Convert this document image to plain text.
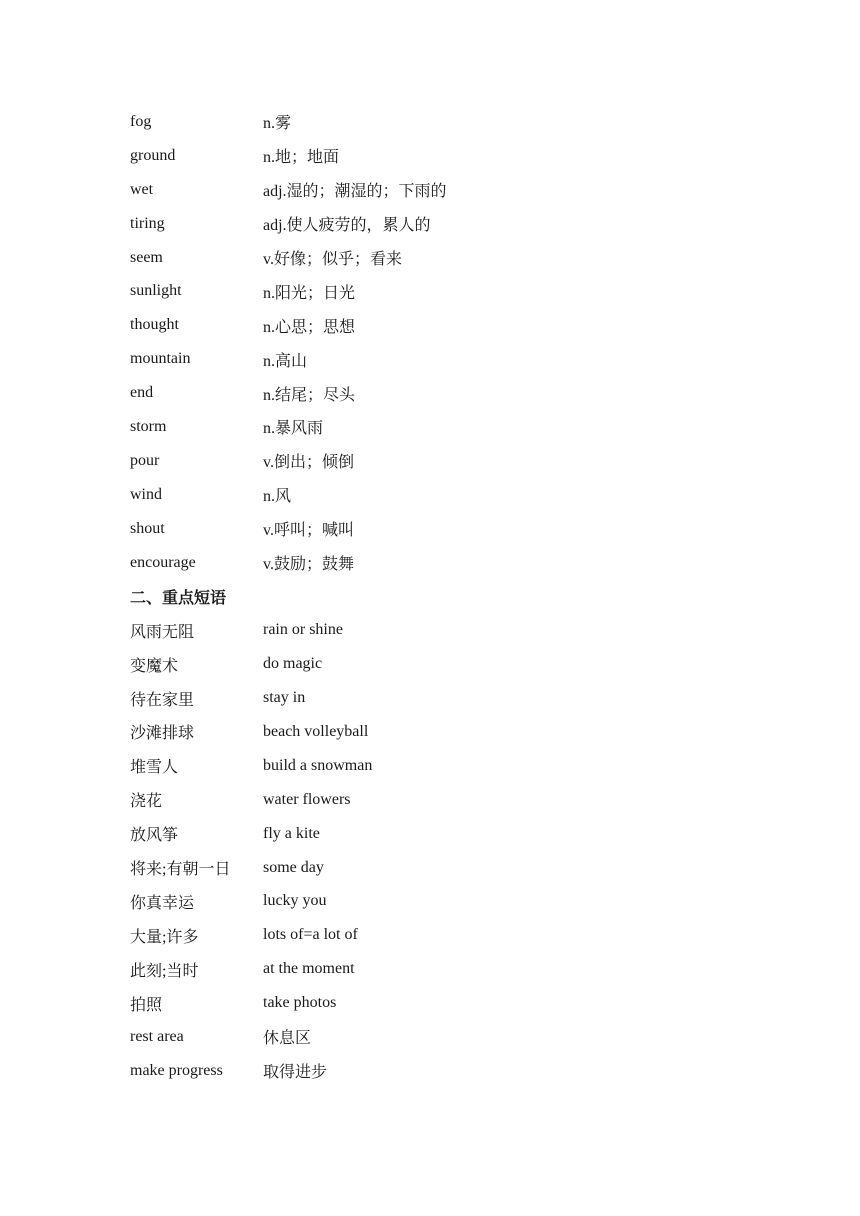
fog	n.雾
ground	n.地；地面
wet	adj.湿的；潮湿的；下雨的
tiring	adj.使人疲劳的，累人的
seem	v.好像；似乎；看来
sunlight	n.阳光；日光
thought	n.心思；思想
mountain	n.高山
end	n.结尾；尽头
storm	n.暴风雨
pour	v.倒出；倾倒
wind	n.风
shout	v.呼叫；喊叫
encourage	v.鼓励；鼓舞
二、重点短语
风雨无阻	rain or shine
变魔术	do magic
待在家里	stay in
沙滩排球	beach volleyball
堆雪人	build a snowman
浇花	water flowers
放风筝	fly a kite
将来;有朝一日	some day
你真幸运	lucky you
大量;许多	lots of=a lot of
此刻;当时	at the moment
拍照	take photos
rest area	休息区
make progress	取得进步
